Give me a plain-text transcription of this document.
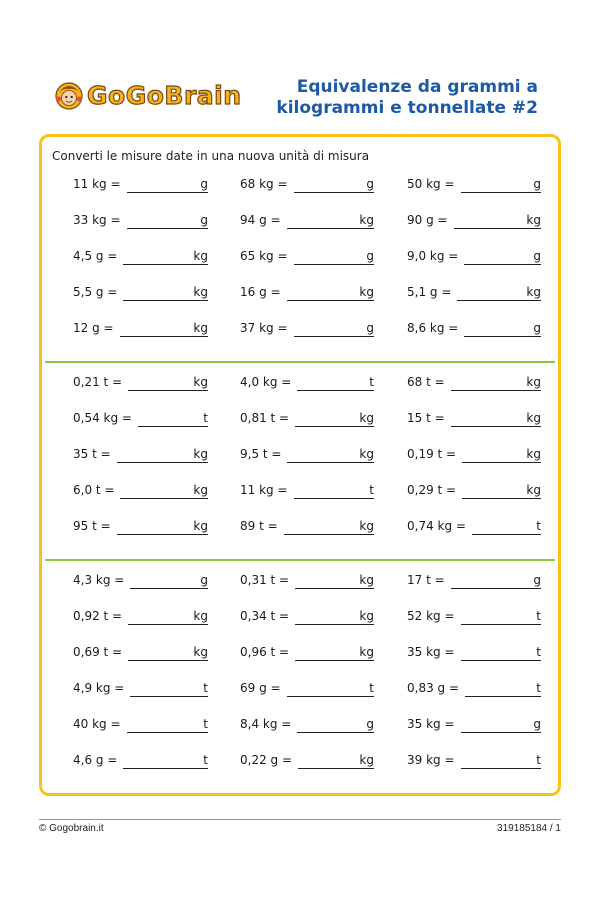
GoGoBrain	Equivalenze da grammi a
kilogrammi e tonnellate #2
Converti le misure date in una nuova unità di misura
11 kg =	g	68 kg =	g	50 kg =	g
33 kg =	g	94 g =	kg	90 g =	kg
4,5 g =	kg	65 kg =	g	9,0 kg =	g
5,5 g =	kg	16 g =	kg	5,1 g =	kg
12 g =	kg	37 kg =	g	8,6 kg =	g
0,21 t =	kg	4,0 kg =	t	68 t =	kg
0,54 kg =	t	0,81 t =	kg	15 t =	kg
35 t =	kg	9,5 t =	kg	0,19 t =	kg
6,0 t =	kg	11 kg =	t	0,29 t =	kg
95 t =	kg	89 t =	kg	0,74 kg =	t
4,3 kg =	g	0,31 t =	kg	17 t =	g
0,92 t =	kg	0,34 t =	kg	52 kg =	t
0,69 t =	kg	0,96 t =	kg	35 kg =	t
4,9 kg =	t	69 g =	t	0,83 g =	t
40 kg =	t	8,4 kg =	g	35 kg =	g
4,6 g =	t	0,22 g =	kg	39 kg =	t
© Gogobrain.it	319185184 / 1
